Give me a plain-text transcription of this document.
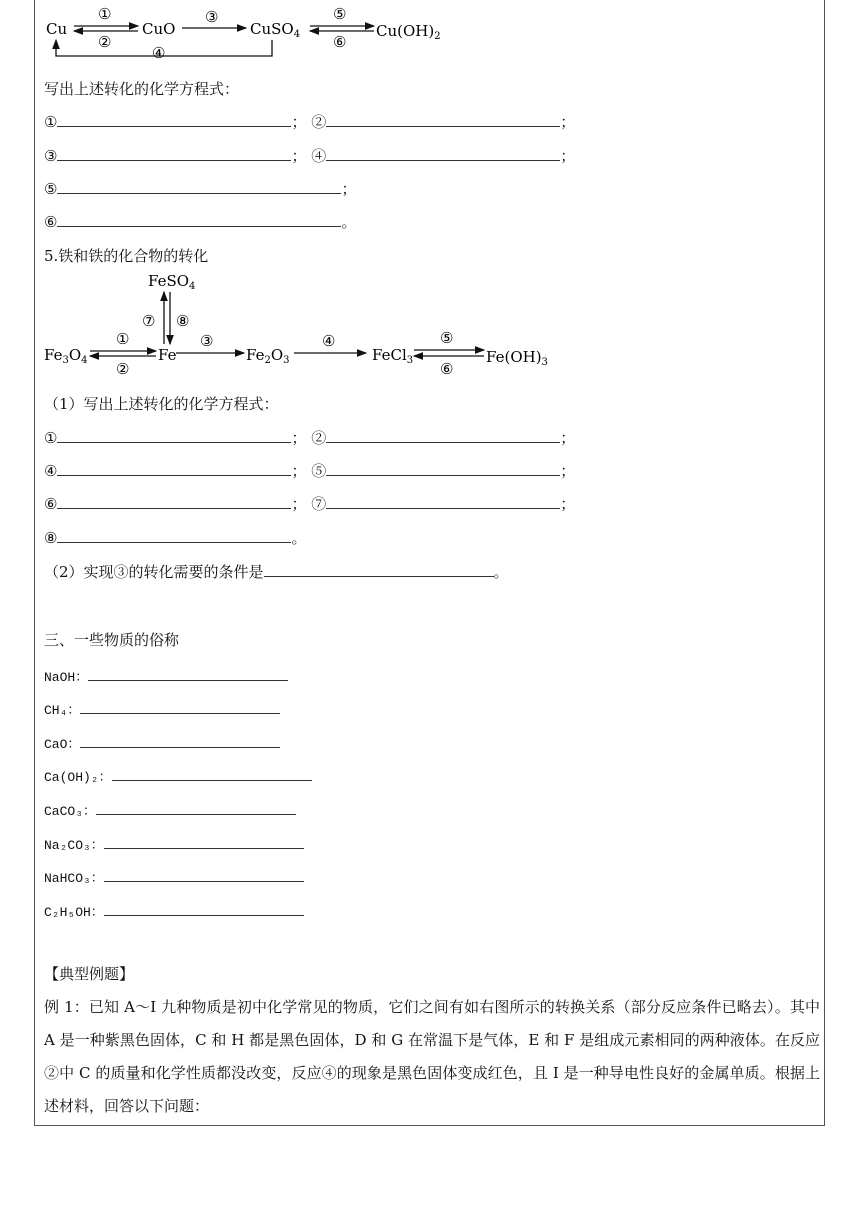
Cu	CuO	CuSO$_4$	$Cu(OH)_2$
①
②
③
④
⑤
⑥
写出上述转化的化学方程式：
①	； ②	；
③	； ④	；
⑤	；
⑥	。
5.铁和铁的化合物的转化
FeSO$_4$
$Fe_3O_4$	Fe	$Fe_2O_3$	FeCl$_3$	$Fe(OH)_3$
⑦ ⑧
①
②
③	④	⑤
⑥
（1）写出上述转化的化学方程式：
①	； ②	；
④	； ⑤	；
⑥	； ⑦	；
⑧	。
（2）实现③的转化需要的条件是	。
三、一些物质的俗称
NaOH：
CH₄：
CaO：
Ca(OH)₂：
CaCO₃：
Na₂CO₃：
NaHCO₃：
C₂H₅OH：
【典型例题】
例 1：已知 A～I 九种物质是初中化学常见的物质，它们之间有如右图所示的转换关系（部分反应条件已略去）。其中 A 是一种紫黑色固体，C 和 H 都是黑色固体，D 和 G 在常温下是气体，E 和 F 是组成元素相同的两种液体。在反应②中 C 的质量和化学性质都没改变，反应④的现象是黑色固体变成红色，且 I 是一种导电性良好的金属单质。根据上述材料，回答以下问题：
